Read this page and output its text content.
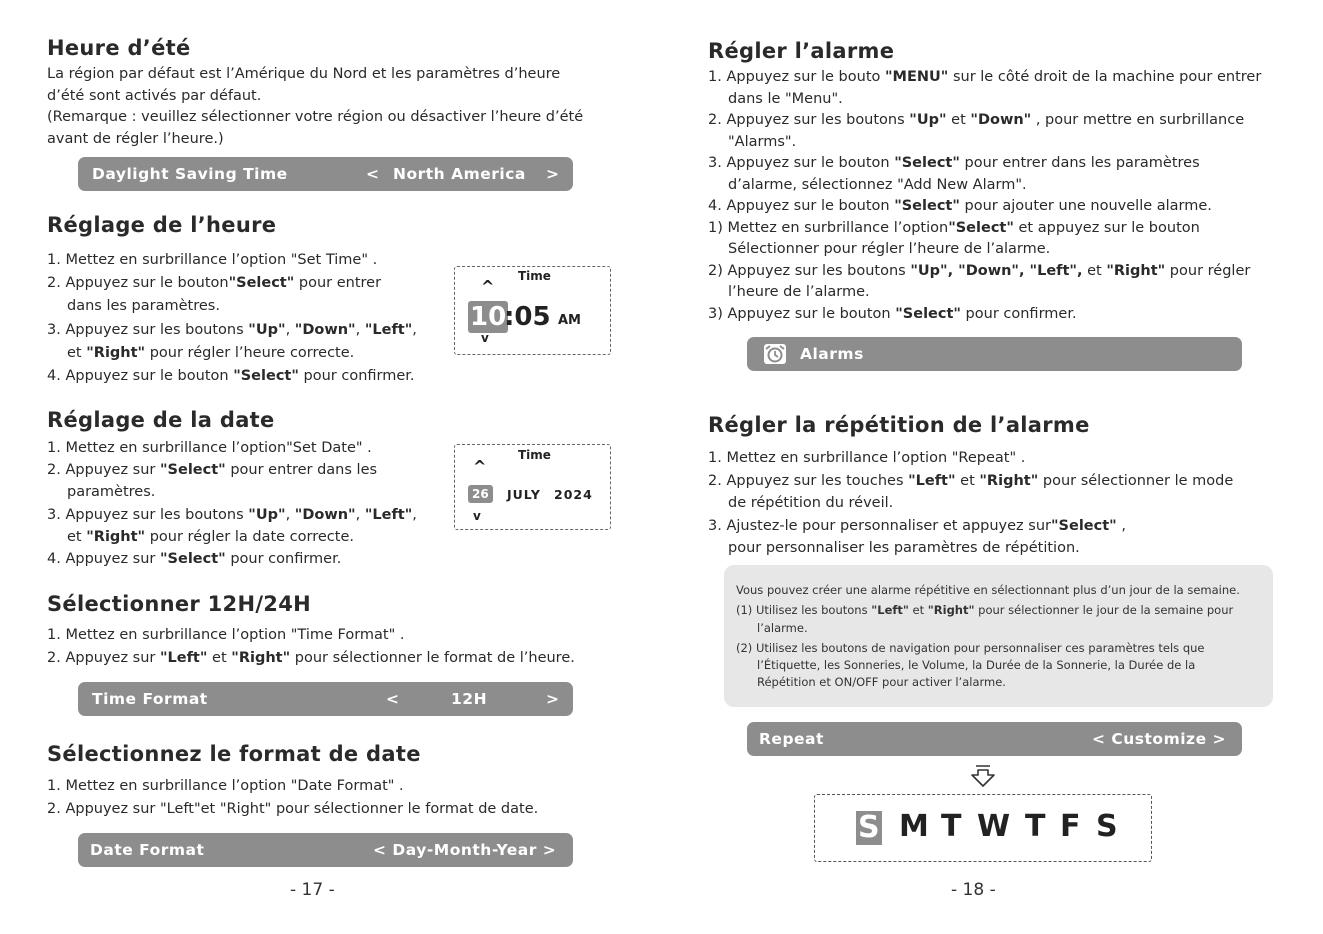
Heure d’été
La région par défaut est l’Amérique du Nord et les paramètres d’heure
d’été sont activés par défaut.
(Remarque : veuillez sélectionner votre région ou désactiver l’heure d’été
avant de régler l’heure.)
Daylight Saving Time	< North America >
Réglage de l’heure
1. Mettez en surbrillance l’option "Set Time" .
2. Appuyez sur le bouton"Select" pour entrer
dans les paramètres.
3. Appuyez sur les boutons "Up", "Down", "Left",
et "Right" pour régler l’heure correcte.
4. Appuyez sur le bouton "Select" pour confirmer.
Time
^
10
:05 AM
v
Réglage de la date
1. Mettez en surbrillance l’option"Set Date" .
2. Appuyez sur "Select" pour entrer dans les
paramètres.
3. Appuyez sur les boutons "Up", "Down", "Left",
et "Right" pour régler la date correcte.
4. Appuyez sur "Select" pour confirmer.
Time
^
26	JULY 2024
v
Sélectionner 12H/24H
1. Mettez en surbrillance l’option "Time Format" .
2. Appuyez sur "Left" et "Right" pour sélectionner le format de l’heure.
Time Format	<	12H	>
Sélectionnez le format de date
1. Mettez en surbrillance l’option "Date Format" .
2. Appuyez sur "Left"et "Right" pour sélectionner le format de date.
Date Format	< Day-Month-Year >
- 17 -
Régler l’alarme
1. Appuyez sur le bouto "MENU" sur le côté droit de la machine pour entrer
dans le "Menu".
2. Appuyez sur les boutons "Up" et "Down" , pour mettre en surbrillance
"Alarms".
3. Appuyez sur le bouton "Select" pour entrer dans les paramètres
d’alarme, sélectionnez "Add New Alarm".
4. Appuyez sur le bouton "Select" pour ajouter une nouvelle alarme.
1) Mettez en surbrillance l’option"Select" et appuyez sur le bouton
Sélectionner pour régler l’heure de l’alarme.
2) Appuyez sur les boutons "Up", "Down", "Left", et "Right" pour régler
l’heure de l’alarme.
3) Appuyez sur le bouton "Select" pour confirmer.
Alarms
Régler la répétition de l’alarme
1. Mettez en surbrillance l’option "Repeat" .
2. Appuyez sur les touches "Left" et "Right" pour sélectionner le mode
de répétition du réveil.
3. Ajustez-le pour personnaliser et appuyez sur"Select" ,
pour personnaliser les paramètres de répétition.
Vous pouvez créer une alarme répétitive en sélectionnant plus d’un jour de la semaine.
(1) Utilisez les boutons "Left" et "Right" pour sélectionner le jour de la semaine pour
l’alarme.
(2) Utilisez les boutons de navigation pour personnaliser ces paramètres tels que
l’Étiquette, les Sonneries, le Volume, la Durée de la Sonnerie, la Durée de la
Répétition et ON/OFF pour activer l’alarme.
Repeat	< Customize >
S M T W T F S
- 18 -
